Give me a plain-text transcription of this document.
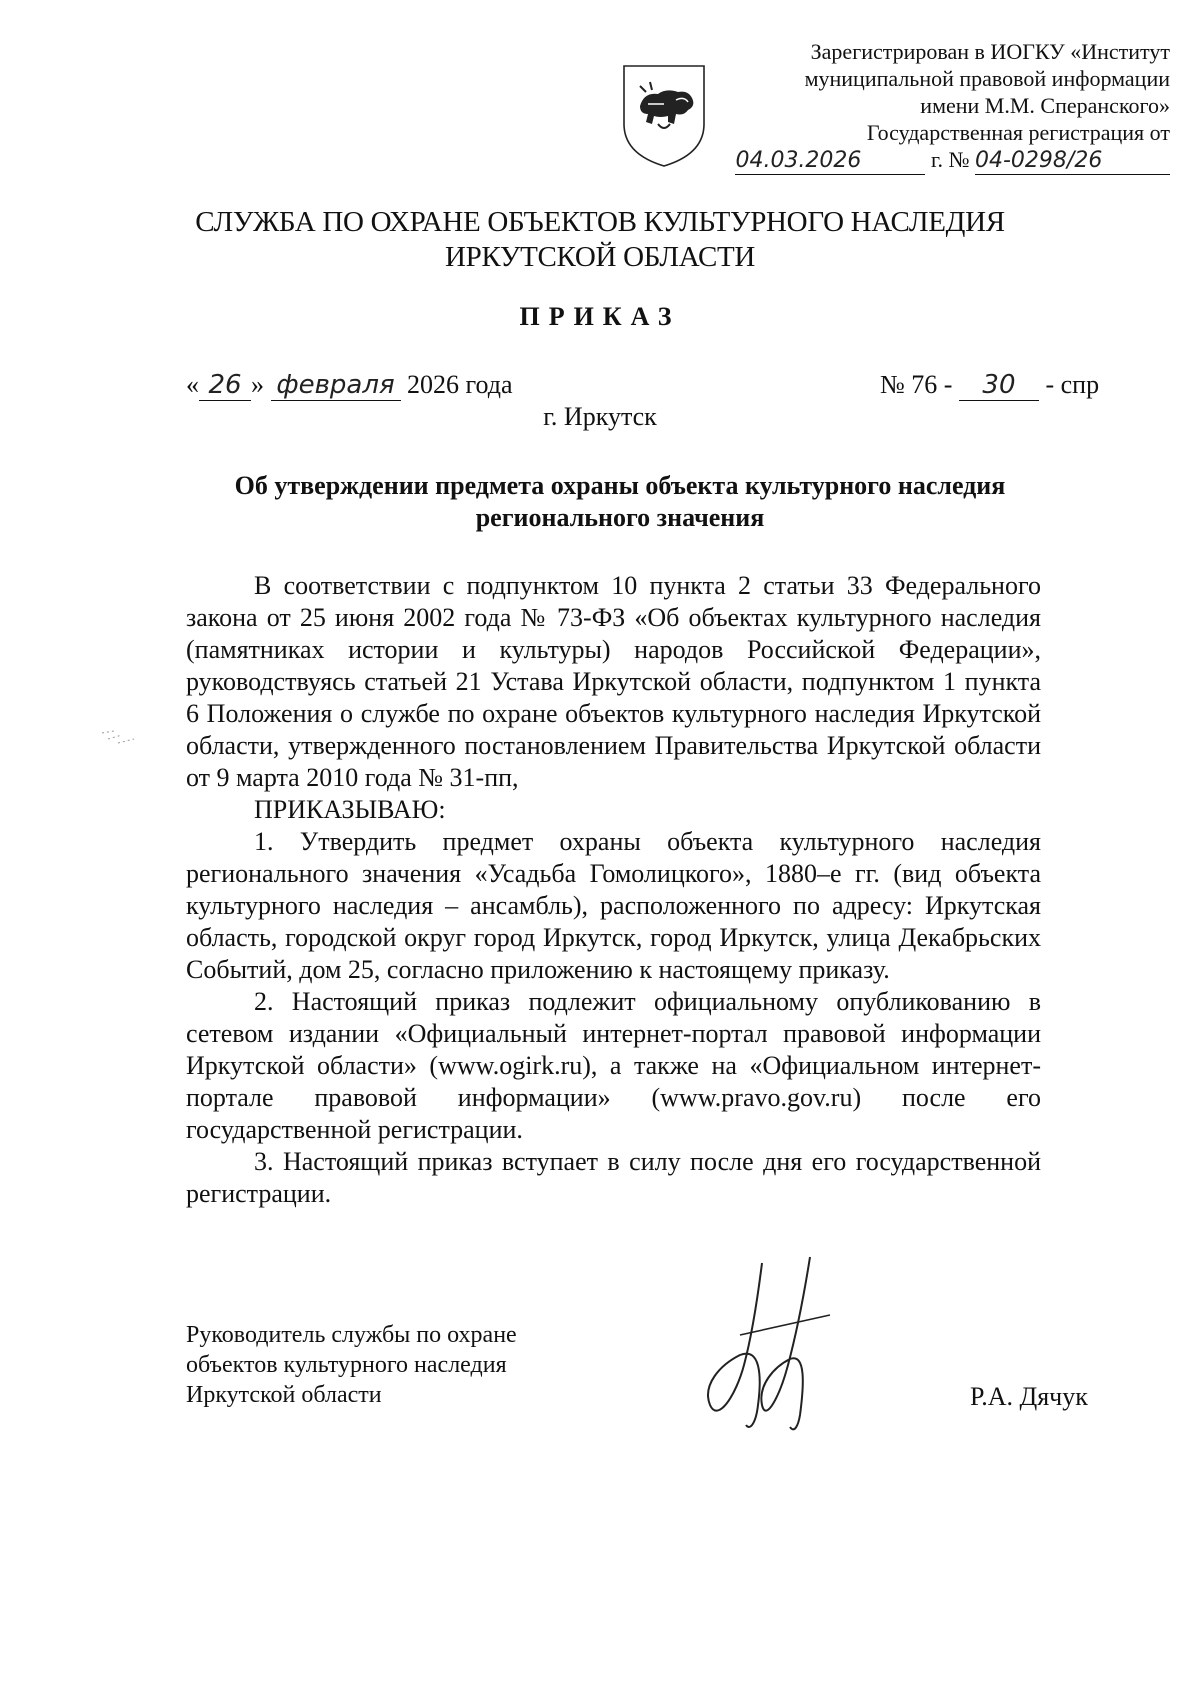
Зарегистрирован в ИОГКУ «Институт
муниципальной правовой информации
имени М.М. Сперанского»
Государственная регистрация от
04.03.2026	г. № 04-0298/26
СЛУЖБА ПО ОХРАНЕ ОБЪЕКТОВ КУЛЬТУРНОГО НАСЛЕДИЯ
ИРКУТСКОЙ ОБЛАСТИ
ПРИКАЗ
« 26 » февраля 2026 года	№ 76 - 30 - спр
г. Иркутск
Об утверждении предмета охраны объекта культурного наследия
регионального значения

В соответствии с подпунктом 10 пункта 2 статьи 33 Федерального закона от 25 июня 2002 года № 73-ФЗ «Об объектах культурного наследия (памятниках истории и культуры) народов Российской Федерации», руководствуясь статьей 21 Устава Иркутской области, подпунктом 1 пункта 6 Положения о службе по охране объектов культурного наследия Иркутской области, утвержденного постановлением Правительства Иркутской области от 9 марта 2010 года № 31-пп,

ПРИКАЗЫВАЮ:

1. Утвердить предмет охраны объекта культурного наследия регионального значения «Усадьба Гомолицкого», 1880–е гг. (вид объекта культурного наследия – ансамбль), расположенного по адресу: Иркутская область, городской округ город Иркутск, город Иркутск, улица Декабрьских Событий, дом 25, согласно приложению к настоящему приказу.

2. Настоящий приказ подлежит официальному опубликованию в сетевом издании «Официальный интернет-портал правовой информации Иркутской области» (www.ogirk.ru), а также на «Официальном интернет-портале правовой информации» (www.pravo.gov.ru) после его государственной регистрации.

3. Настоящий приказ вступает в силу после дня его государственной регистрации.

Руководитель службы по охране
объектов культурного наследия
Иркутской области	Р.А. Дячук
